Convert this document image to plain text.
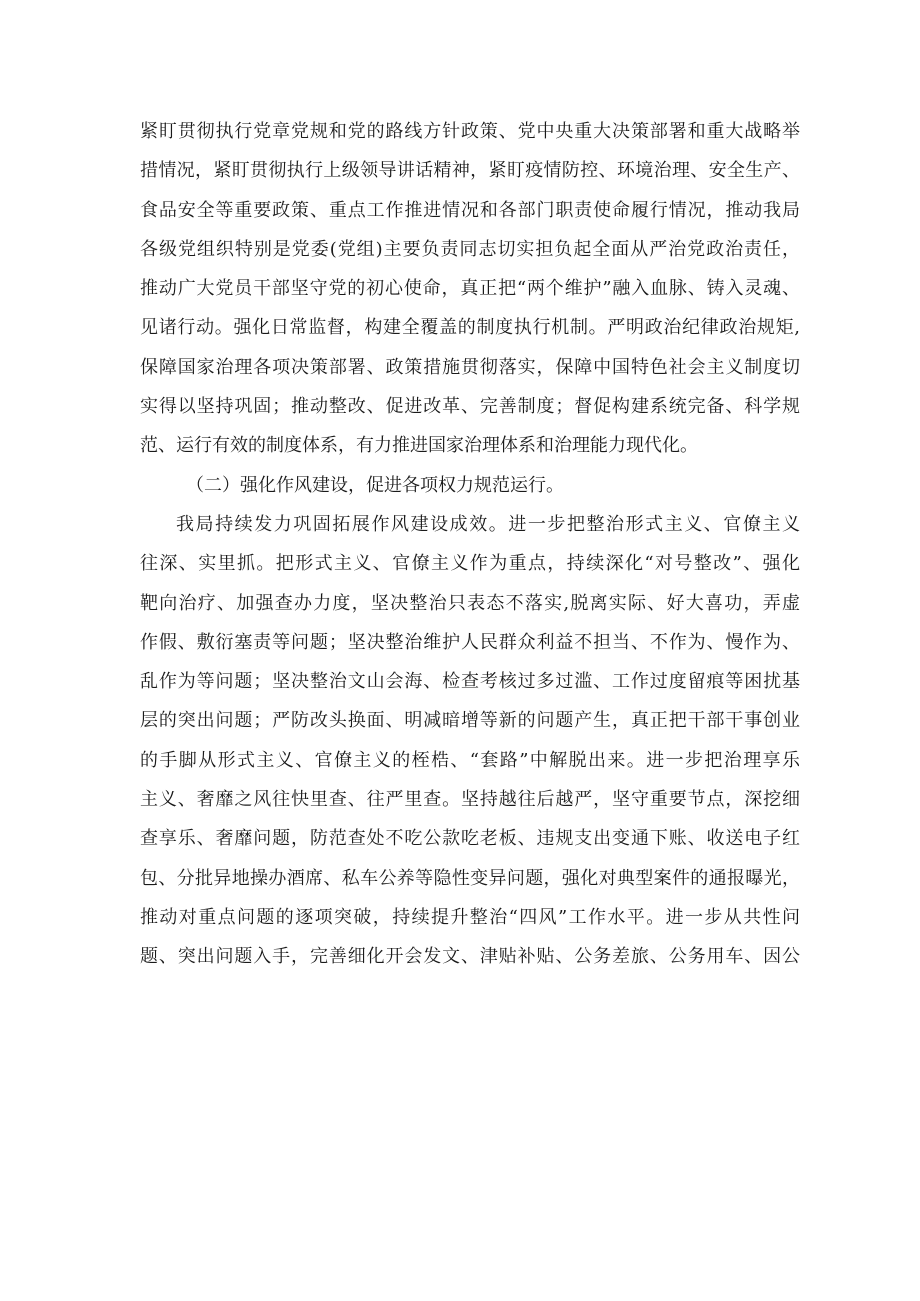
紧盯贯彻执行党章党规和党的路线方针政策、党中央重大决策部署和重大战略举
措情况，紧盯贯彻执行上级领导讲话精神，紧盯疫情防控、环境治理、安全生产、
食品安全等重要政策、重点工作推进情况和各部门职责使命履行情况，推动我局
各级党组织特别是党委(党组)主要负责同志切实担负起全面从严治党政治责任，
推动广大党员干部坚守党的初心使命，真正把“两个维护”融入血脉、铸入灵魂、
见诸行动。强化日常监督，构建全覆盖的制度执行机制。严明政治纪律政治规矩,
保障国家治理各项决策部署、政策措施贯彻落实，保障中国特色社会主义制度切
实得以坚持巩固；推动整改、促进改革、完善制度；督促构建系统完备、科学规
范、运行有效的制度体系，有力推进国家治理体系和治理能力现代化。
（二）强化作风建设，促进各项权力规范运行。
我局持续发力巩固拓展作风建设成效。进一步把整治形式主义、官僚主义
往深、实里抓。把形式主义、官僚主义作为重点，持续深化“对号整改”、强化
靶向治疗、加强查办力度，坚决整治只表态不落实,脱离实际、好大喜功，弄虚
作假、敷衍塞责等问题；坚决整治维护人民群众利益不担当、不作为、慢作为、
乱作为等问题；坚决整治文山会海、检查考核过多过滥、工作过度留痕等困扰基
层的突出问题；严防改头换面、明减暗增等新的问题产生，真正把干部干事创业
的手脚从形式主义、官僚主义的桎梏、“套路”中解脱出来。进一步把治理享乐
主义、奢靡之风往快里查、往严里查。坚持越往后越严，坚守重要节点，深挖细
查享乐、奢靡问题，防范查处不吃公款吃老板、违规支出变通下账、收送电子红
包、分批异地操办酒席、私车公养等隐性变异问题，强化对典型案件的通报曝光，
推动对重点问题的逐项突破，持续提升整治“四风”工作水平。进一步从共性问
题、突出问题入手，完善细化开会发文、津贴补贴、公务差旅、公务用车、因公
